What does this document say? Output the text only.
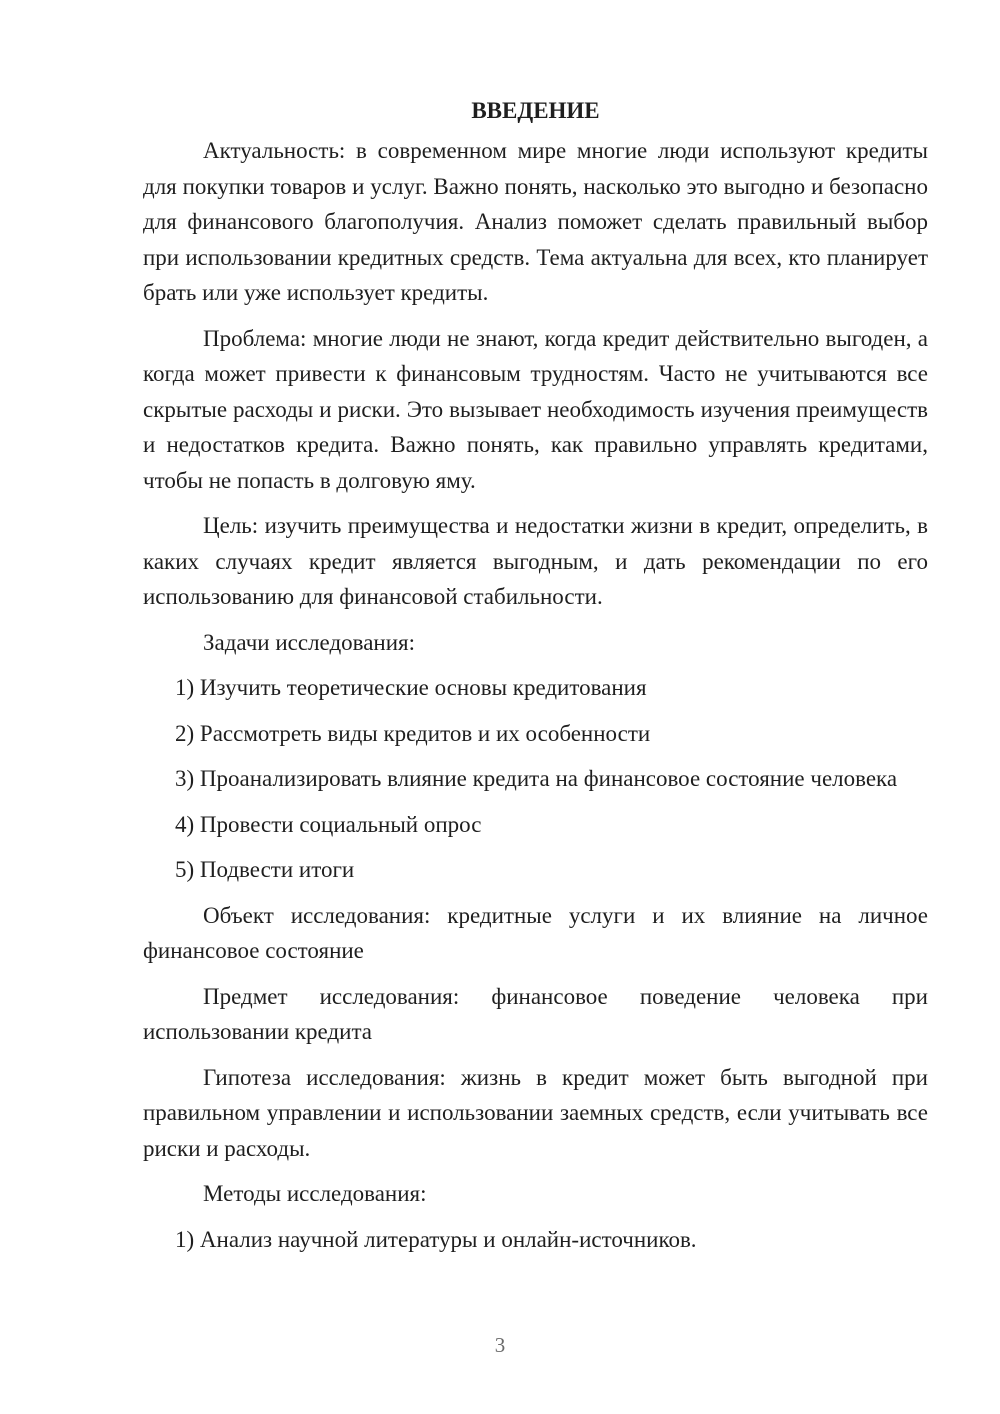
ВВЕДЕНИЕ

Актуальность: в современном мире многие люди используют кредиты для покупки товаров и услуг. Важно понять, насколько это выгодно и безопасно для финансового благополучия. Анализ поможет сделать правильный выбор при использовании кредитных средств. Тема актуальна для всех, кто планирует брать или уже использует кредиты.

Проблема: многие люди не знают, когда кредит действительно выгоден, а когда может привести к финансовым трудностям. Часто не учитываются все скрытые расходы и риски. Это вызывает необходимость изучения преимуществ и недостатков кредита. Важно понять, как правильно управлять кредитами, чтобы не попасть в долговую яму.

Цель: изучить преимущества и недостатки жизни в кредит, определить, в каких случаях кредит является выгодным, и дать рекомендации по его использованию для финансовой стабильности.

Задачи исследования:

1) Изучить теоретические основы кредитования

2) Рассмотреть виды кредитов и их особенности

3) Проанализировать влияние кредита на финансовое состояние человека

4) Провести социальный опрос

5) Подвести итоги

Объект исследования: кредитные услуги и их влияние на личное финансовое состояние

Предмет исследования: финансовое поведение человека при использовании кредита

Гипотеза исследования: жизнь в кредит может быть выгодной при правильном управлении и использовании заемных средств, если учитывать все риски и расходы.

Методы исследования:

1) Анализ научной литературы и онлайн-источников.

3
